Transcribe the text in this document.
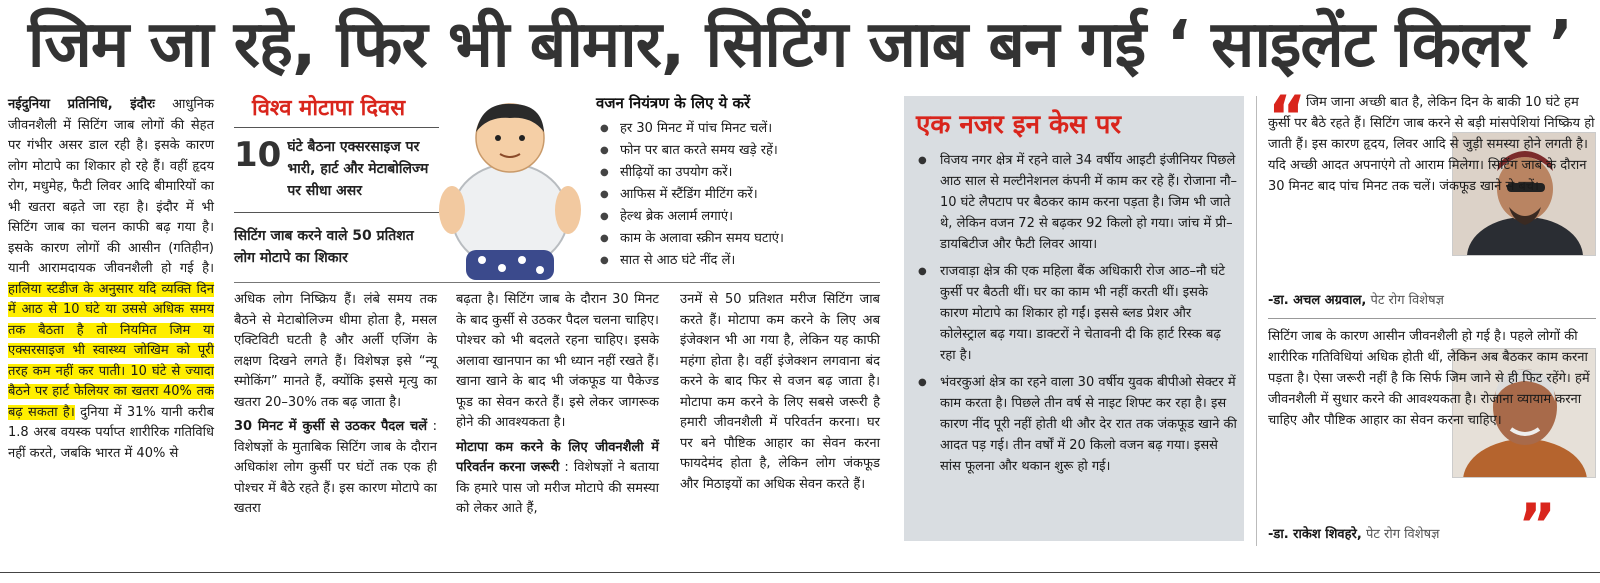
जिम जा रहे, फिर भी बीमार, सिटिंग जाब बन गई ‘ साइलेंट किलर ’

नईदुनिया प्रतिनिधि, इंदौरः आधुनिक जीवनशैली में सिटिंग जाब लोगों की सेहत पर गंभीर असर डाल रही है। इसके कारण लोग मोटापे का शिकार हो रहे हैं। वहीं हृदय रोग, मधुमेह, फैटी लिवर आदि बीमारियों का भी खतरा बढ़ते जा रहा है। इंदौर में भी सिटिंग जाब का चलन काफी बढ़ गया है। इसके कारण लोगों की आसीन (गतिहीन) यानी आरामदायक जीवनशैली हो गई है। हालिया स्टडीज के अनुसार यदि व्यक्ति दिन में आठ से 10 घंटे या उससे अधिक समय तक बैठता है तो नियमित जिम या एक्सरसाइज भी स्वास्थ्य जोखिम को पूरी तरह कम नहीं कर पाती। 10 घंटे से ज्यादा बैठने पर हार्ट फेलियर का खतरा 40% तक बढ़ सकता है। दुनिया में 31% यानी करीब 1.8 अरब वयस्क पर्याप्त शारीरिक गतिविधि नहीं करते, जबकि भारत में 40% से

विश्व मोटापा दिवस
10 घंटे बैठना एक्सरसाइज पर भारी, हार्ट और मेटाबोलिज्म पर सीधा असर
सिटिंग जाब करने वाले 50 प्रतिशत लोग मोटापे का शिकार
वजन नियंत्रण के लिए ये करें
● हर 30 मिनट में पांच मिनट चलें।
● फोन पर बात करते समय खड़े रहें।
● सीढ़ियों का उपयोग करें।
● आफिस में स्टैंडिंग मीटिंग करें।
● हेल्थ ब्रेक अलार्म लगाएं।
● काम के अलावा स्क्रीन समय घटाएं।
● सात से आठ घंटे नींद लें।

अधिक लोग निष्क्रिय हैं। लंबे समय तक बैठने से मेटाबोलिज्म धीमा होता है, मसल एक्टिविटी घटती है और अर्ली एजिंग के लक्षण दिखने लगते हैं। विशेषज्ञ इसे “न्यू स्मोकिंग” मानते हैं, क्योंकि इससे मृत्यु का खतरा 20–30% तक बढ़ जाता है।

30 मिनट में कुर्सी से उठकर पैदल चलें : विशेषज्ञों के मुताबिक सिटिंग जाब के दौरान अधिकांश लोग कुर्सी पर घंटों तक एक ही पोश्चर में बैठे रहते हैं। इस कारण मोटापे का खतरा

बढ़ता है। सिटिंग जाब के दौरान 30 मिनट के बाद कुर्सी से उठकर पैदल चलना चाहिए। पोश्चर को भी बदलते रहना चाहिए। इसके अलावा खानपान का भी ध्यान नहीं रखते हैं। खाना खाने के बाद भी जंकफूड या पैकेज्ड फूड का सेवन करते हैं। इसे लेकर जागरूक होने की आवश्यकता है।

मोटापा कम करने के लिए जीवनशैली में परिवर्तन करना जरूरी : विशेषज्ञों ने बताया कि हमारे पास जो मरीज मोटापे की समस्या को लेकर आते हैं,

उनमें से 50 प्रतिशत मरीज सिटिंग जाब करते हैं। मोटापा कम करने के लिए अब इंजेक्शन भी आ गया है, लेकिन यह काफी महंगा होता है। वहीं इंजेक्शन लगवाना बंद करने के बाद फिर से वजन बढ़ जाता है। मोटापा कम करने के लिए सबसे जरूरी है हमारी जीवनशैली में परिवर्तन करना। घर पर बने पौष्टिक आहार का सेवन करना फायदेमंद होता है, लेकिन लोग जंकफूड और मिठाइयों का अधिक सेवन करते हैं।

एक नजर इन केस पर
● विजय नगर क्षेत्र में रहने वाले 34 वर्षीय आइटी इंजीनियर पिछले आठ साल से मल्टीनेशनल कंपनी में काम कर रहे हैं। रोजाना नौ–10 घंटे लैपटाप पर बैठकर काम करना पड़ता है। जिम भी जाते थे, लेकिन वजन 72 से बढ़कर 92 किलो हो गया। जांच में प्री–डायबिटीज और फैटी लिवर आया।
● राजवाड़ा क्षेत्र की एक महिला बैंक अधिकारी रोज आठ–नौ घंटे कुर्सी पर बैठती थीं। घर का काम भी नहीं करती थीं। इसके कारण मोटापे का शिकार हो गईं। इससे ब्लड प्रेशर और कोलेस्ट्राल बढ़ गया। डाक्टरों ने चेतावनी दी कि हार्ट रिस्क बढ़ रहा है।
● भंवरकुआं क्षेत्र का रहने वाला 30 वर्षीय युवक बीपीओ सेक्टर में काम करता है। पिछले तीन वर्ष से नाइट शिफ्ट कर रहा है। इस कारण नींद पूरी नहीं होती थी और देर रात तक जंकफूड खाने की आदत पड़ गई। तीन वर्षों में 20 किलो वजन बढ़ गया। इससे सांस फूलना और थकान शुरू हो गई।
“ जिम जाना अच्छी बात है, लेकिन दिन के बाकी 10 घंटे हम कुर्सी पर बैठे रहते हैं। सिटिंग जाब करने से बड़ी मांसपेशियां निष्क्रिय हो जाती हैं। इस कारण हृदय, लिवर आदि से जुड़ी समस्या होने लगती है। यदि अच्छी आदत अपनाएंगे तो आराम मिलेगा। सिटिंग जाब के दौरान 30 मिनट बाद पांच मिनट तक चलें। जंकफूड खाने से बचें।

-डा. अचल अग्रवाल, पेट रोग विशेषज्ञ

सिटिंग जाब के कारण आसीन जीवनशैली हो गई है। पहले लोगों की शारीरिक गतिविधियां अधिक होती थीं, लेकिन अब बैठकर काम करना पड़ता है। ऐसा जरूरी नहीं है कि सिर्फ जिम जाने से ही फिट रहेंगे। हमें जीवनशैली में सुधार करने की आवश्यकता है। रोजाना व्यायाम करना चाहिए और पौष्टिक आहार का सेवन करना चाहिए।

-डा. राकेश शिवहरे, पेट रोग विशेषज्ञ	”
